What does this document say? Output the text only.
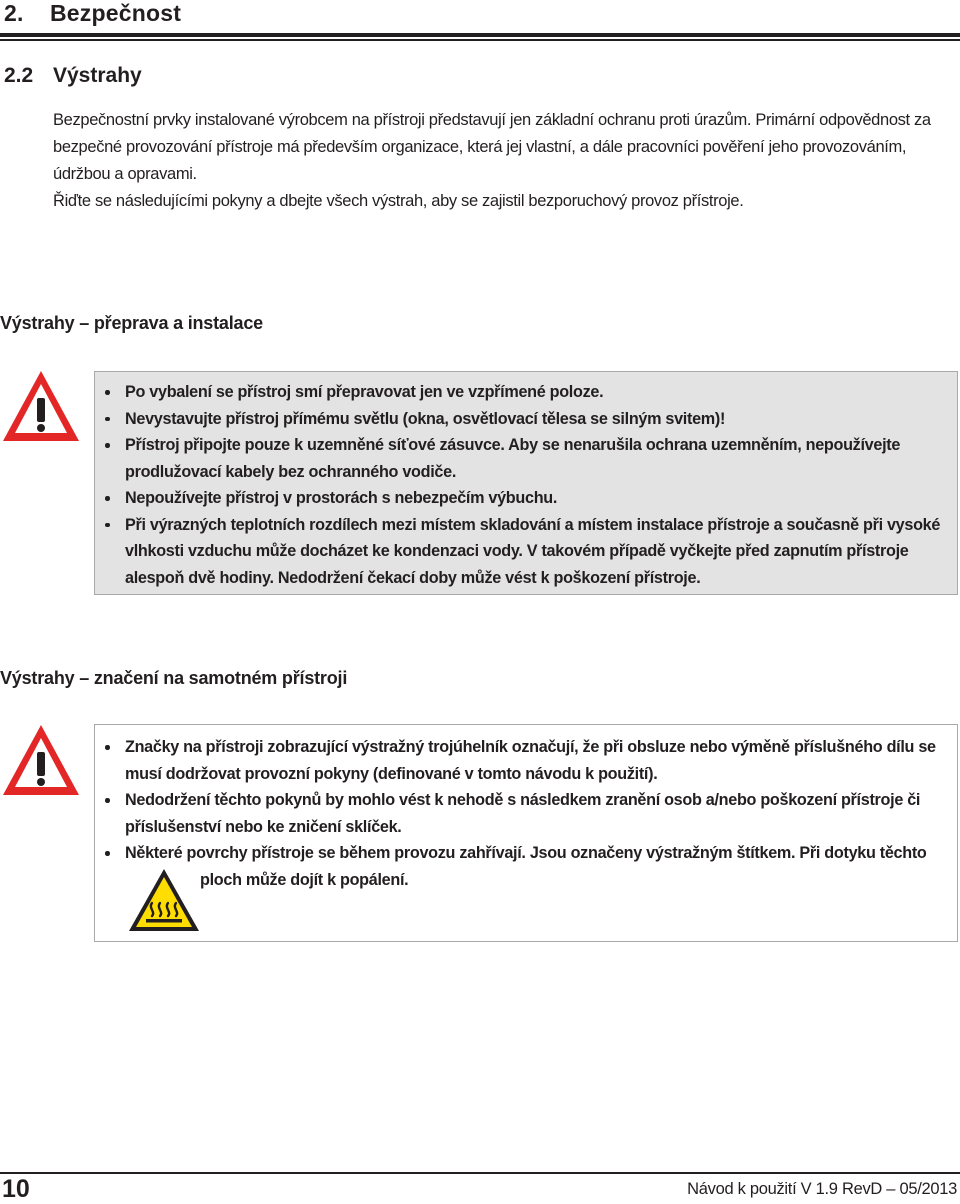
2. Bezpečnost
2.2 Výstrahy

Bezpečnostní prvky instalované výrobcem na přístroji představují jen základní ochranu proti úrazům. Primární odpovědnost za bezpečné provozování přístroje má především organizace, která jej vlastní, a dále pracovníci pověření jeho provozováním, údržbou a opravami.

Řiďte se následujícími pokyny a dbejte všech výstrah, aby se zajistil bezporuchový provoz přístroje.

Výstrahy – přeprava a instalace
Po vybalení se přístroj smí přepravovat jen ve vzpřímené poloze.
Nevystavujte přístroj přímému světlu (okna, osvětlovací tělesa se silným svitem)!
Přístroj připojte pouze k uzemněné síťové zásuvce. Aby se nenarušila ochrana uzemněním, nepoužívejte prodlužovací kabely bez ochranného vodiče.
Nepoužívejte přístroj v prostorách s nebezpečím výbuchu.
Při výrazných teplotních rozdílech mezi místem skladování a místem instalace přístroje a současně při vysoké vlhkosti vzduchu může docházet ke kondenzaci vody. V takovém případě vyčkejte před zapnutím přístroje alespoň dvě hodiny. Nedodržení čekací doby může vést k poškození přístroje.
Výstrahy – značení na samotném přístroji
Značky na přístroji zobrazující výstražný trojúhelník označují, že při obsluze nebo výměně příslušného dílu se musí dodržovat provozní pokyny (definované v tomto návodu k použití).
Nedodržení těchto pokynů by mohlo vést k nehodě s následkem zranění osob a/nebo poškození přístroje či příslušenství nebo ke zničení sklíček.
Některé povrchy přístroje se během provozu zahřívají. Jsou označeny výstražným štítkem. Při dotyku těchto
ploch může dojít k popálení.
10	Návod k použití V 1.9 RevD – 05/2013
